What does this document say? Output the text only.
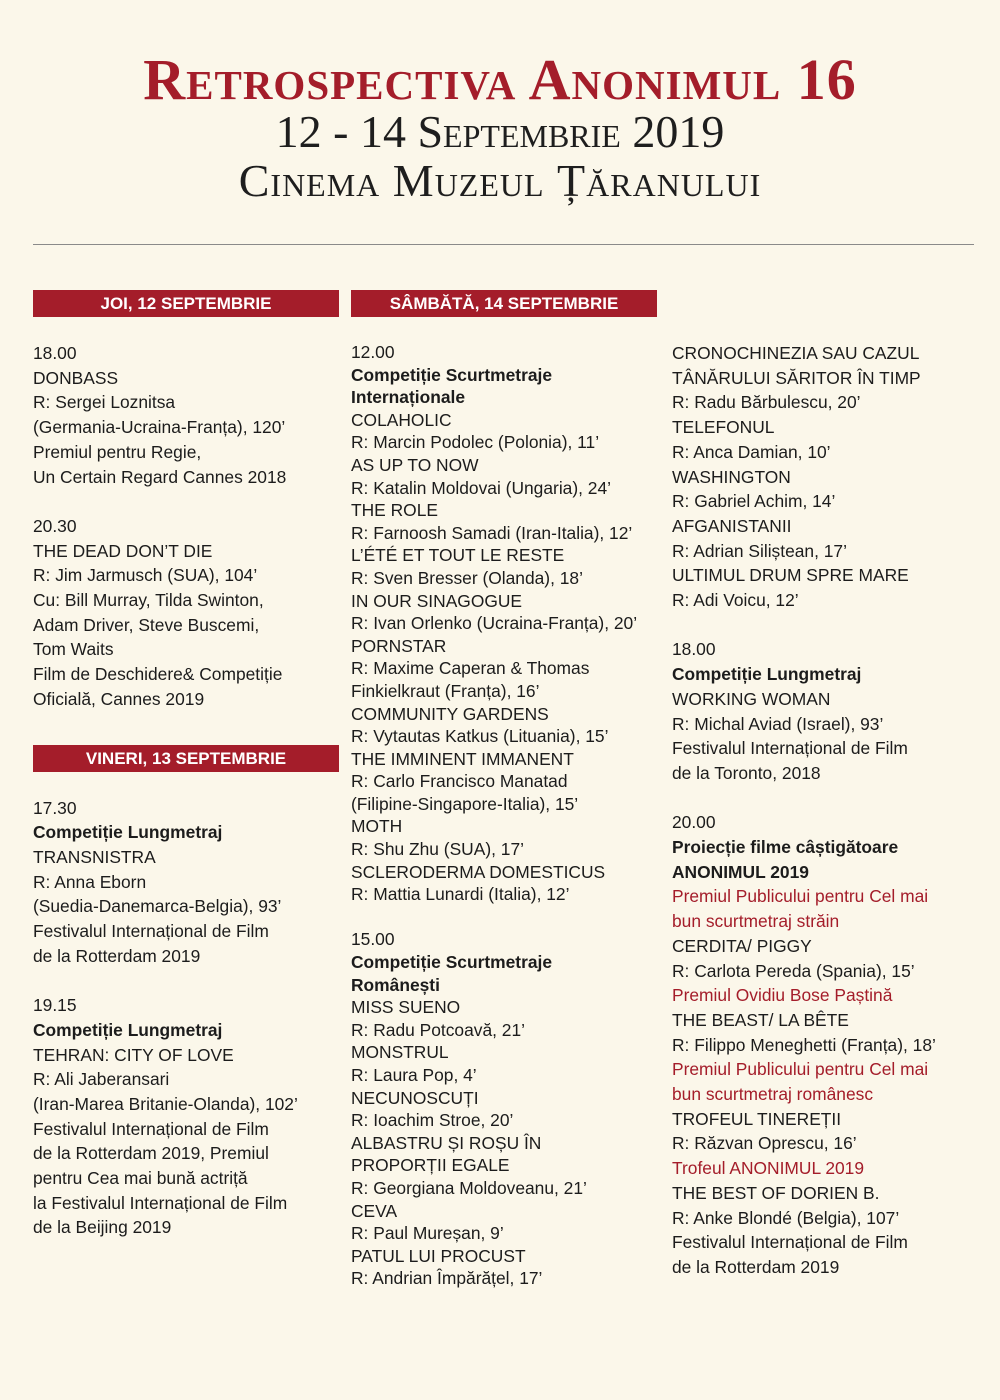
Retrospectiva Anonimul 16
12 - 14 Septembrie 2019
Cinema Muzeul Țăranului
JOI, 12 SEPTEMBRIE
18.00
DONBASS
R: Sergei Loznitsa
(Germania-Ucraina-Franța), 120’
Premiul pentru Regie,
Un Certain Regard Cannes 2018
20.30
THE DEAD DON’T DIE
R: Jim Jarmusch (SUA), 104’
Cu: Bill Murray, Tilda Swinton,
Adam Driver, Steve Buscemi,
Tom Waits
Film de Deschidere& Competiție
Oficială, Cannes 2019
VINERI, 13 SEPTEMBRIE
17.30
Competiție Lungmetraj
TRANSNISTRA
R: Anna Eborn
(Suedia-Danemarca-Belgia), 93’
Festivalul Internațional de Film
de la Rotterdam 2019
19.15
Competiție Lungmetraj
TEHRAN: CITY OF LOVE
R: Ali Jaberansari
(Iran-Marea Britanie-Olanda), 102’
Festivalul Internațional de Film
de la Rotterdam 2019, Premiul
pentru Cea mai bună actriță
la Festivalul Internațional de Film
de la Beijing 2019
SÂMBĂTĂ, 14 SEPTEMBRIE
12.00
Competiție Scurtmetraje
Internaționale
COLAHOLIC
R: Marcin Podolec (Polonia), 11’
AS UP TO NOW
R: Katalin Moldovai (Ungaria), 24’
THE ROLE
R: Farnoosh Samadi (Iran-Italia), 12’
L’ÉTÉ ET TOUT LE RESTE
R: Sven Bresser (Olanda), 18’
IN OUR SINAGOGUE
R: Ivan Orlenko (Ucraina-Franța), 20’
PORNSTAR
R: Maxime Caperan & Thomas
Finkielkraut (Franța), 16’
COMMUNITY GARDENS
R: Vytautas Katkus (Lituania), 15’
THE IMMINENT IMMANENT
R: Carlo Francisco Manatad
(Filipine-Singapore-Italia), 15’
MOTH
R: Shu Zhu (SUA), 17’
SCLERODERMA DOMESTICUS
R: Mattia Lunardi (Italia), 12’
15.00
Competiție Scurtmetraje
Românești
MISS SUENO
R: Radu Potcoavă, 21’
MONSTRUL
R: Laura Pop, 4’
NECUNOSCUȚI
R: Ioachim Stroe, 20’
ALBASTRU ȘI ROȘU ÎN
PROPORȚII EGALE
R: Georgiana Moldoveanu, 21’
CEVA
R: Paul Mureșan, 9’
PATUL LUI PROCUST
R: Andrian Împărățel, 17’
CRONOCHINEZIA SAU CAZUL
TÂNĂRULUI SĂRITOR ÎN TIMP
R: Radu Bărbulescu, 20’
TELEFONUL
R: Anca Damian, 10’
WASHINGTON
R: Gabriel Achim, 14’
AFGANISTANII
R: Adrian Siliștean, 17’
ULTIMUL DRUM SPRE MARE
R: Adi Voicu, 12’
18.00
Competiție Lungmetraj
WORKING WOMAN
R: Michal Aviad (Israel), 93’
Festivalul Internațional de Film
de la Toronto, 2018
20.00
Proiecție filme câștigătoare
ANONIMUL 2019
Premiul Publicului pentru Cel mai
bun scurtmetraj străin
CERDITA/ PIGGY
R: Carlota Pereda (Spania), 15’
Premiul Ovidiu Bose Paștină
THE BEAST/ LA BÊTE
R: Filippo Meneghetti (Franța), 18’
Premiul Publicului pentru Cel mai
bun scurtmetraj românesc
TROFEUL TINEREȚII
R: Răzvan Oprescu, 16’
Trofeul ANONIMUL 2019
THE BEST OF DORIEN B.
R: Anke Blondé (Belgia), 107’
Festivalul Internațional de Film
de la Rotterdam 2019
